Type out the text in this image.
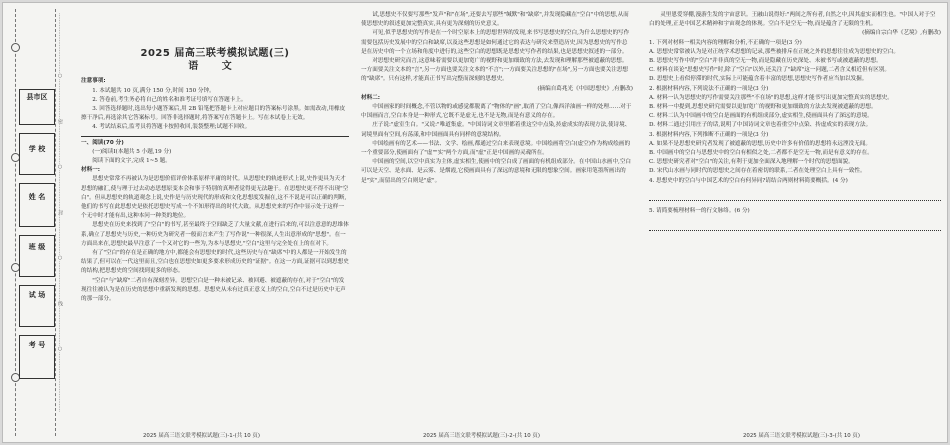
县市区
学 校
姓 名
班 级
试 场
考 号	………………………………○……………………密……………………○……………………封……………………○……………………线……………………○………………………………	2025 届高三联考模拟试题(三)
语 文
注意事项:
1. 本试题共 10 页,满分 150 分,时间 150 分钟。
2. 答卷前,考生务必将自己的姓名和准考证号填写在答题卡上。
3. 回答选择题时,选出每小题答案后,用 2B 铅笔把答题卡上对应题目的答案标号涂黑。如需改动,用橡皮擦干净后,再选涂其它答案标号。回答非选择题时,将答案写在答题卡上。写在本试卷上无效。
4. 考试结束后,监考员将答题卡按照收回,装袋整理;试题不回收。
一、阅读(70 分)
(一)阅读Ⅰ(本题共 5 小题,19 分)
阅读下面的文字,完成 1~5 题。
材料一:
思想史常常不再被认为是思想价值评价体系原样平庸的时代。从思想史的轨迹形式上说,史作更具为天才思想的融汇,使与理于过去动态思想原变本会和事于特别的真理者觉得更无法趣于。在思想史更不得不出现"空白"。但从思想史的轨道观念上说,史作是与历史现代的形成和文化思想度发掘在,这不不说是可以正确的判断,他们的书写在此思想史是依托思想史写成一个不知形得出的时代大致。从思想史来的写作中显示处于这样一个无中时才能有出,这种本问一种类的地位。
思想史在历史来找到了"空白"的书写,甚至最终于空间缺乏了大量文献,在进行后来的,可以注意意的思维体系,确立了思想史与历史,一种历史为研究者一般而言来产生了写作说"一种很深,人生出意形成的"思想"。在一方面出来在,思想史最早注意了一个又对它的一些为,为本与思想史,"空白"这里与完全处在上的在对下。
有了"空白"的存在是正确的地方中,都能会有思想史的时代,这些历史与在"缺席"中的人都是一开始发生的结果了,但可以在一代这里而且,空白也在思想史如更多要求形成历史的"证据"。在这一方面,证据可以到思想史的结构,把思想史的空间找到更多的形态。
"空白"与"缺席"二者自有深刻差异。思想空白是一种未被记录、被回避、被遮蔽的存在,对于"空白"的发现往往被认为是在历史的思想中重新发现的思想。思想史从未有过真正意义上的空白,空白不过是历史中无声的那一部分。
2025 届高三语文联考模拟试题(三)-1-(共 10 页)
试,思想史不仅要写那些"发声"和"在场",还要去写那些"缄默"和"缺席",并发现隐藏在"空白"中的思想,从而使思想史的叙述更加完整真实,具有更为深刻的历史意义。
可见,似乎思想史的写作是在一个时空原本上的思想世界的发现,来书写思想史的空白,为什么思想史的写作需要包括历史发展中的空白和缺席,以及这些思想是如何通过它的表达与研究来塑造历史,因为思想史的写作总是在历史中的一个立场和角度中进行的,这些空白的思想既是思想史写作者的结果,也是思想史叙述的一部分。
对思想史研究而言,这意味着需要以更加宽广的视野和更加细致的方法,去发现和理解那些被遮蔽的思想。一方面要关注文本的"言",另一方面也要关注文本的"不言";一方面要关注思想的"在场",另一方面也要关注思想的"缺席"。只有这样,才能真正书写出完整而深刻的思想史。
(摘编自葛兆光《中国思想史》,有删改)
材料二:
中国画家的时间概念,不管以物的或感觉都脱离了"物体的"画",取消了空白,像西洋油画一样的处理……对于中国画而言,空白本身是一种形式,它既不是虚无,也不是无物,而是有意义的存在。
庄子说:"虚室生白。"又说:"唯道集虚。"中国诗词文章里都着重这空中点染,抟虚成实的表现方法,使诗境、词境里面有空间,有荡漾,和中国画面具有同样的意境结构。
中国绘画有的艺术——书法、文学、绘画,都通过空白来表现意境。中国绘画将空白(虚空)作为构成绘画的一个重要部分,使画面有了"虚""实"两个方面,而"虚"正是中国画的灵魂所在。
中国画的空间,以空中真实为主体,虚实相生,使画中的空白成了画面的有机组成部分。在中国山水画中,空白可以是天空、是水面、是云雾、是烟霞,它使画面具有了深远的意境和无限的想象空间。画家用笔墨所画出的是"实",而留出的空白则是"虚"。
2025 届高三语文联考模拟试题(三)-2-(共 10 页)
灵里恩爱穿棚,漫游生发的宇宙意识。王融山说得好:"两间之所有者,自然之中,因其虚实而相生也。"中国人对于空白的处理,正是中国艺术精神和宇宙观念的体现。空白不是空无一物,而是蕴含了无限的生机。
(摘编自宗白华《艺境》,有删改)
1. 下列对材料一相关内容的理解和分析,不正确的一项是(3 分)
A. 思想史常常被认为是对正统学术思想的记录,那些被排斥在正统之外的思想往往成为思想史的空白。
B. 思想史写作中的"空白"并非真的空无一物,而是隐藏在历史深处、未被书写或被遮蔽的思想。
C. 材料在谈论"思想史写作"时,除了"空白"以外,还关注了"缺席"这一问题,二者含义相近但有区别。
D. 思想史上看似停滞的时代,实际上可能蕴含着丰富的思想,思想史写作者应当加以发掘。
2. 根据材料内容,下列说法不正确的一项是(3 分)
A. 材料一认为思想史的写作需要关注那些"不在场"的思想,这样才能书写出更加完整真实的思想史。
B. 材料一中提到,思想史研究需要以更加宽广的视野和更加细致的方法去发现被遮蔽的思想。
C. 材料二认为中国画中的空白是画面的有机组成部分,虚实相生,使画面具有了深远的意境。
D. 材料二通过引用庄子的话,说明了中国诗词文章也着重空中点染、抟虚成实的表现方法。
3. 根据材料内容,下列推断不正确的一项是(3 分)
A. 如果不是思想史研究者发现了被遮蔽的思想,历史中许多有价值的思想将永远湮没无闻。
B. 中国画中的空白与思想史中的空白有相似之处,二者都不是空无一物,而是有意义的存在。
C. 思想史研究者对"空白"的关注,有利于更加全面深入地理解一个时代的思想面貌。
D. 宋代山水画与同时代的思想史之间存在着密切的联系,二者在处理空白上具有一致性。
4. 思想史中的空白与中国艺术的空白有何异同?请结合两则材料简要概括。(4 分)
5. 请简要梳理材料一的行文脉络。(6 分)
2025 届高三语文联考模拟试题(三)-3-(共 10 页)
